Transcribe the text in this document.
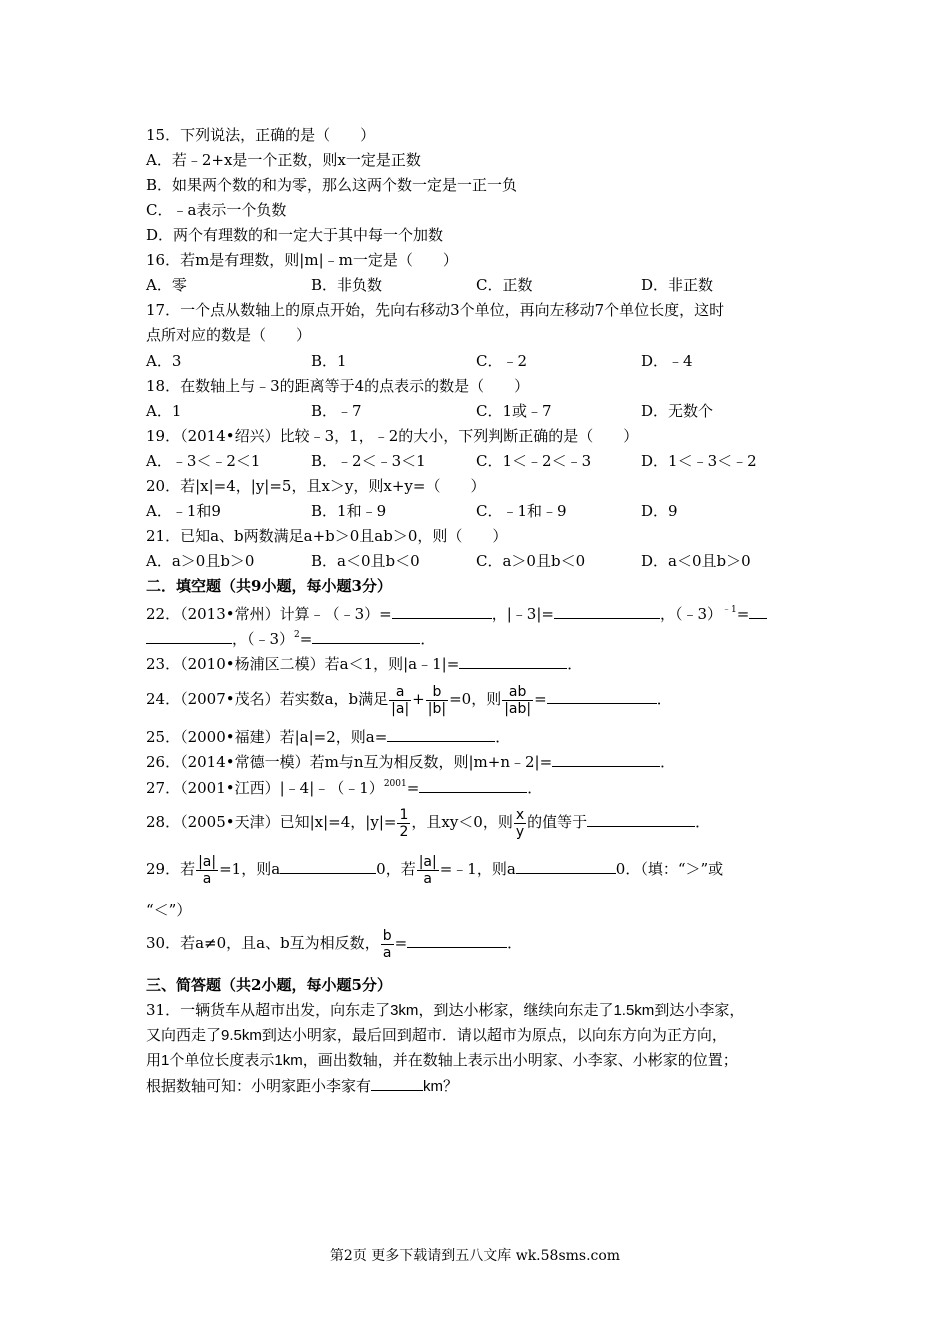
15．下列说法，正确的是（　　）
A．若﹣2+x是一个正数，则x一定是正数
B．如果两个数的和为零，那么这两个数一定是一正一负
C．﹣a表示一个负数
D．两个有理数的和一定大于其中每一个加数
16．若m是有理数，则|m|﹣m一定是（　　）
A．零	B．非负数	C．正数	D．非正数
17．一个点从数轴上的原点开始，先向右移动3个单位，再向左移动7个单位长度，这时
点所对应的数是（　　）
A．3	B．1	C．﹣2	D．﹣4
18．在数轴上与﹣3的距离等于4的点表示的数是（　　）
A．1	B．﹣7	C．1或﹣7	D．无数个
19．（2014•绍兴）比较﹣3，1，﹣2的大小，下列判断正确的是（　　）
A．﹣3＜﹣2＜1	B．﹣2＜﹣3＜1	C．1＜﹣2＜﹣3	D．1＜﹣3＜﹣2
20．若|x|=4，|y|=5，且x＞y，则x+y=（　　）
A．﹣1和9	B．1和﹣9	C．﹣1和﹣9	D．9
21．已知a、b两数满足a+b＞0且ab＞0，则（　　）
A．a＞0且b＞0	B．a＜0且b＜0	C．a＞0且b＜0	D．a＜0且b＞0
二．填空题（共9小题，每小题3分）
22．（2013•常州）计算﹣（﹣3）=	，|﹣3|=	，（﹣3）$^{﹣1}$=
，（﹣3）$^2$=	．
23．（2010•杨浦区二模）若a＜1，则|a﹣1|=	．
24．（2007•茂名）若实数a，b满足 $\frac{a}{|a|} + \frac{b}{|b|} =0$，则 $\frac{ab}{|ab|}$ =	．
25．（2000•福建）若|a|=2，则a=	．
26．（2014•常德一模）若m与n互为相反数，则|m+n﹣2|=	．
27．（2001•江西）|﹣4|﹣（﹣1）$^{2001}$=	．
28．（2005•天津）已知|x|=4，$|y|= \frac{1}{2}$ ，且xy＜0，则 $\frac{x}{y}$ 的值等于	．
29．若 $\frac{|a|}{a} =1$，则a	0，若 $\frac{|a|}{a}$ =﹣1，则a	0．（填：“＞”或
“＜”）
30．若a≠0，且a、b互为相反数， $\frac{b}{a}$ =	．
三、简答题（共2小题，每小题5分）
31．一辆货车从超市出发，向东走了3km，到达小彬家，继续向东走了1.5km到达小李家，
又向西走了9.5km到达小明家，最后回到超市．请以超市为原点，以向东方向为正方向，
用1个单位长度表示1km，画出数轴，并在数轴上表示出小明家、小李家、小彬家的位置；
根据数轴可知：小明家距小李家有	km？
第2页 更多下载请到五八文库 wk.58sms.com
